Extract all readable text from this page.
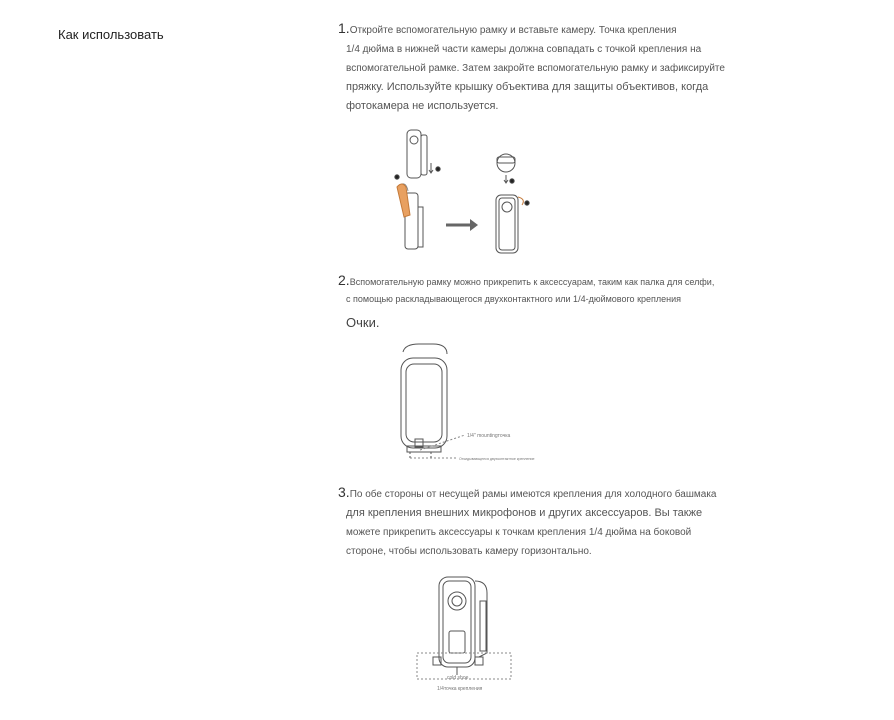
Как использовать	1.Откройте вспомогательную рамку и вставьте камеру. Точка крепления
1/4 дюйма в нижней части камеры должна совпадать с точкой крепления на
вспомогательной рамке. Затем закройте вспомогательную рамку и зафиксируйте
пряжку. Используйте крышку объектива для защиты объективов, когда
фотокамера не используется.
2.Вспомогательную рамку можно прикрепить к аксессуарам, таким как палка для селфи,
с помощью раскладывающегося двухконтактного или 1/4-дюймового крепления
Очки.
1/4" mountingточка
Откидывающееся двухконтактное крепление
3.По обе стороны от несущей рамы имеются крепления для холодного башмака
для крепления внешних микрофонов и других аксессуаров. Вы также
можете прикрепить аксессуары к точкам крепления 1/4 дюйма на боковой
стороне, чтобы использовать камеру горизонтально.
cold shoe
1/4точка крепления
